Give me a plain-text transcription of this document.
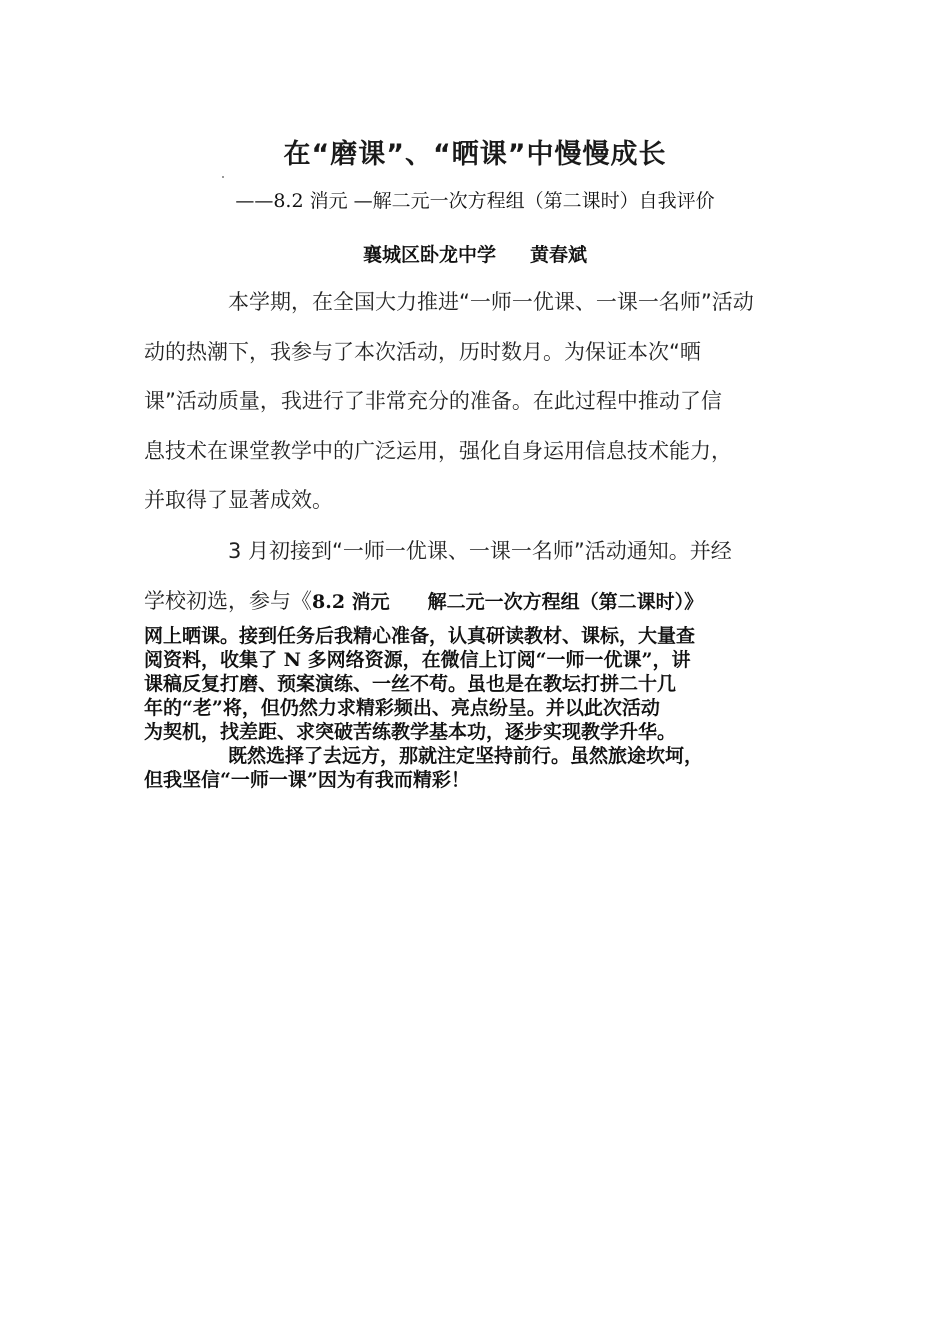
在“磨课”、“晒课”中慢慢成长
——8.2 消元 —解二元一次方程组（第二课时）自我评价
襄城区卧龙中学 黄春斌
本学期，在全国大力推进“一师一优课、一课一名师”活动
动的热潮下，我参与了本次活动，历时数月。为保证本次“晒
课”活动质量，我进行了非常充分的准备。在此过程中推动了信
息技术在课堂教学中的广泛运用，强化自身运用信息技术能力，
并取得了显著成效。
3 月初接到“一师一优课、一课一名师”活动通知。并经
学校初选，参与《8.2 消元　　解二元一次方程组（第二课时）》
网上晒课。接到任务后我精心准备，认真研读教材、课标，大量查
阅资料，收集了 N 多网络资源，在微信上订阅“一师一优课”，讲
课稿反复打磨、预案演练、一丝不苟。虽也是在教坛打拼二十几
年的“老”将，但仍然力求精彩频出、亮点纷呈。并以此次活动
为契机，找差距、求突破苦练教学基本功，逐步实现教学升华。
既然选择了去远方，那就注定坚持前行。虽然旅途坎坷，
但我坚信“一师一课”因为有我而精彩！
